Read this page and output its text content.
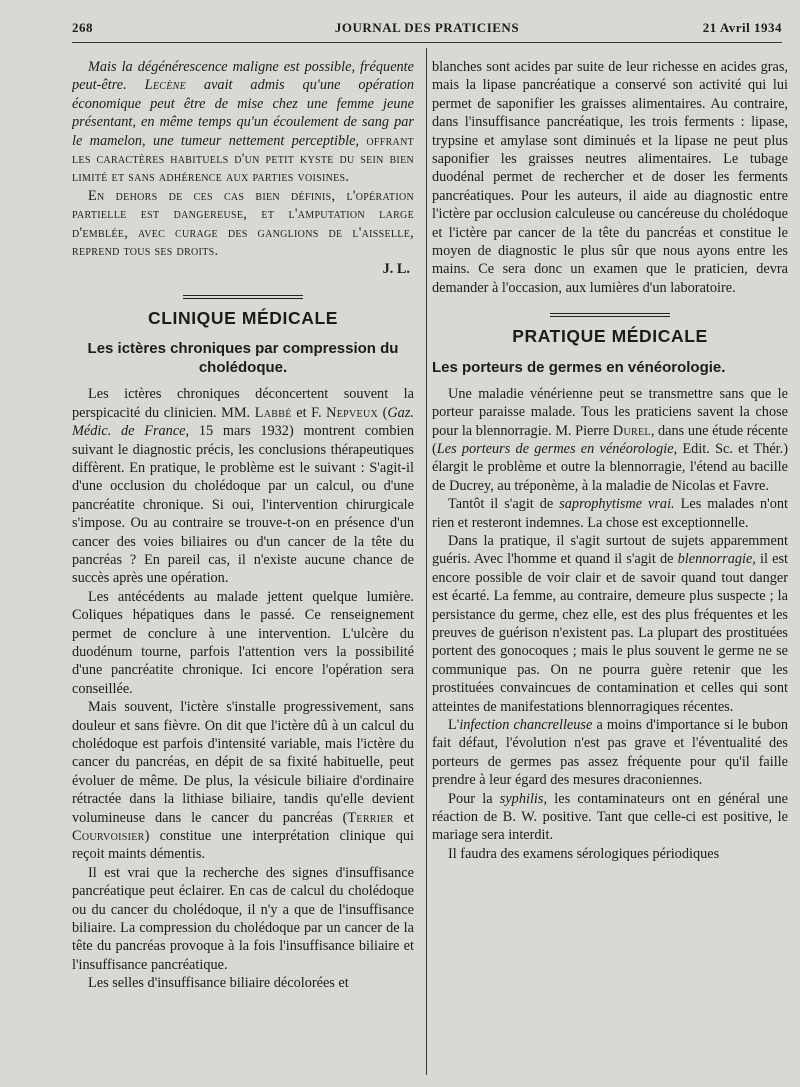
268	JOURNAL DES PRATICIENS	21 Avril 1934

Mais la dégénérescence maligne est possible, fréquente peut-être. Lecène avait admis qu'une opération économique peut être de mise chez une femme jeune présentant, en même temps qu'un écoulement de sang par le mamelon, une tumeur nettement perceptible, offrant les caractères habituels d'un petit kyste du sein bien limité et sans adhérence aux parties voisines.

En dehors de ces cas bien définis, l'opération partielle est dangereuse, et l'amputation large d'emblée, avec curage des ganglions de l'aisselle, reprend tous ses droits.

J. L.

CLINIQUE MÉDICALE
Les ictères chroniques par compression du cholédoque.

Les ictères chroniques déconcertent souvent la perspicacité du clinicien. MM. Labbé et F. Nepveux (Gaz. Médic. de France, 15 mars 1932) montrent combien suivant le diagnostic précis, les conclusions thérapeutiques diffèrent. En pratique, le problème est le suivant : S'agit-il d'une occlusion du cholédoque par un calcul, ou d'une pancréatite chronique. Si oui, l'intervention chirurgicale s'impose. Ou au contraire se trouve-t-on en présence d'un cancer des voies biliaires ou d'un cancer de la tête du pancréas ? En pareil cas, il n'existe aucune chance de succès après une opération.

Les antécédents au malade jettent quelque lumière. Coliques hépatiques dans le passé. Ce renseignement permet de conclure à une intervention. L'ulcère du duodénum tourne, parfois l'attention vers la possibilité d'une pancréatite chronique. Ici encore l'opération sera conseillée.

Mais souvent, l'ictère s'installe progressivement, sans douleur et sans fièvre. On dit que l'ictère dû à un calcul du cholédoque est parfois d'intensité variable, mais l'ictère du cancer du pancréas, en dépit de sa fixité habituelle, peut évoluer de même. De plus, la vésicule biliaire d'ordinaire rétractée dans la lithiase biliaire, tandis qu'elle devient volumineuse dans le cancer du pancréas (Terrier et Courvoisier) constitue une interprétation clinique qui reçoit maints démentis.

Il est vrai que la recherche des signes d'insuffisance pancréatique peut éclairer. En cas de calcul du cholédoque ou du cancer du cholédoque, il n'y a que de l'insuffisance biliaire. La compression du cholédoque par un cancer de la tête du pancréas provoque à la fois l'insuffisance biliaire et l'insuffisance pancréatique.

Les selles d'insuffisance biliaire décolorées et

blanches sont acides par suite de leur richesse en acides gras, mais la lipase pancréatique a conservé son activité qui lui permet de saponifier les graisses alimentaires. Au contraire, dans l'insuffisance pancréatique, les trois ferments : lipase, trypsine et amylase sont diminués et la lipase ne peut plus saponifier les graisses neutres alimentaires. Le tubage duodénal permet de rechercher et de doser les ferments pancréatiques. Pour les auteurs, il aide au diagnostic entre l'ictère par occlusion calculeuse ou cancéreuse du cholédoque et l'ictère par cancer de la tête du pancréas et constitue le moyen de diagnostic le plus sûr que nous ayons entre les mains. Ce sera donc un examen que le praticien, devra demander à l'occasion, aux lumières d'un laboratoire.

PRATIQUE MÉDICALE
Les porteurs de germes en vénéorologie.

Une maladie vénérienne peut se transmettre sans que le porteur paraisse malade. Tous les praticiens savent la chose pour la blennorragie. M. Pierre Durel, dans une étude récente (Les porteurs de germes en vénéorologie, Edit. Sc. et Thér.) élargit le problème et outre la blennorragie, l'étend au bacille de Ducrey, au tréponème, à la maladie de Nicolas et Favre.

Tantôt il s'agit de saprophytisme vrai. Les malades n'ont rien et resteront indemnes. La chose est exceptionnelle.

Dans la pratique, il s'agit surtout de sujets apparemment guéris. Avec l'homme et quand il s'agit de blennorragie, il est encore possible de voir clair et de savoir quand tout danger est écarté. La femme, au contraire, demeure plus suspecte ; la persistance du germe, chez elle, est des plus fréquentes et les preuves de guérison n'existent pas. La plupart des prostituées portent des gonocoques ; mais le plus souvent le germe ne se communique pas. On ne pourra guère retenir que les prostituées convaincues de contamination et celles qui sont atteintes de manifestations blennorragiques récentes.

L'infection chancrelleuse a moins d'importance si le bubon fait défaut, l'évolution n'est pas grave et l'éventualité des porteurs de germes pas assez fréquente pour qu'il faille prendre à leur égard des mesures draconiennes.

Pour la syphilis, les contaminateurs ont en général une réaction de B. W. positive. Tant que celle-ci est positive, le mariage sera interdit.

Il faudra des examens sérologiques périodiques
